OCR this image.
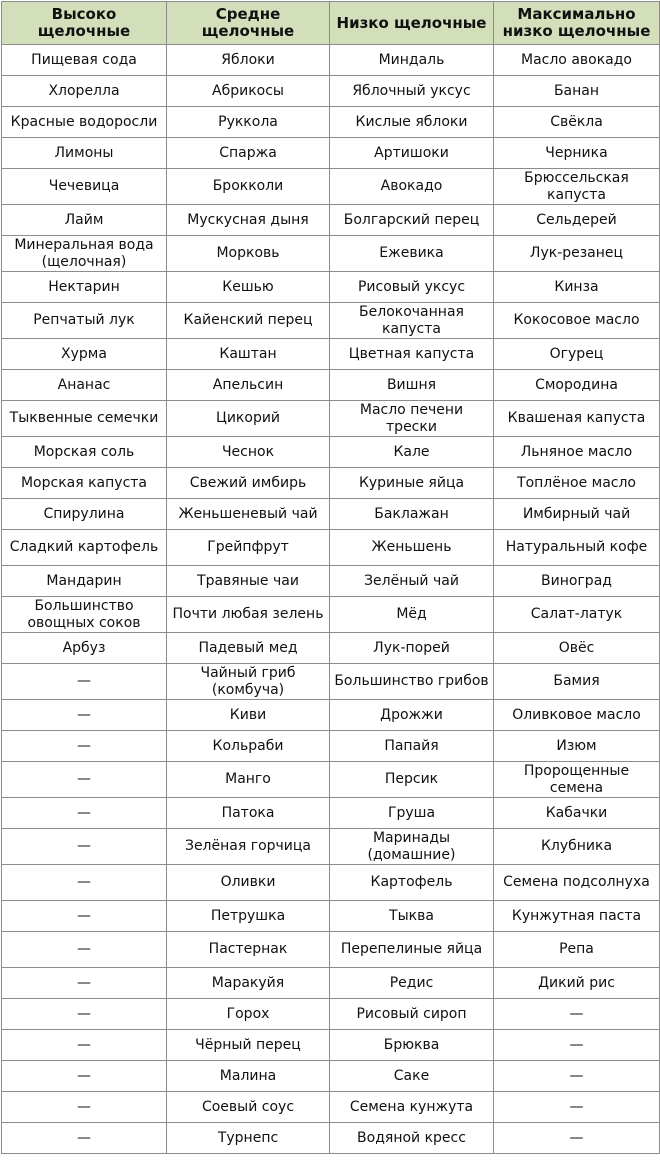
Высоко щелочные	Средне щелочные	Низко щелочные	Максимально низко щелочные
Пищевая сода	Яблоки	Миндаль	Масло авокадо
Хлорелла	Абрикосы	Яблочный уксус	Банан
Красные водоросли	Руккола	Кислые яблоки	Свёкла
Лимоны	Спаржа	Артишоки	Черника
Чечевица	Брокколи	Авокадо	Брюссельская капуста
Лайм	Мускусная дыня	Болгарский перец	Сельдерей
Минеральная вода (щелочная)	Морковь	Ежевика	Лук-резанец
Нектарин	Кешью	Рисовый уксус	Кинза
Репчатый лук	Кайенский перец	Белокочанная капуста	Кокосовое масло
Хурма	Каштан	Цветная капуста	Огурец
Ананас	Апельсин	Вишня	Смородина
Тыквенные семечки	Цикорий	Масло печени трески	Квашеная капуста
Морская соль	Чеснок	Кале	Льняное масло
Морская капуста	Свежий имбирь	Куриные яйца	Топлёное масло
Спирулина	Женьшеневый чай	Баклажан	Имбирный чай
Сладкий картофель	Грейпфрут	Женьшень	Натуральный кофе
Мандарин	Травяные чаи	Зелёный чай	Виноград
Большинство овощных соков	Почти любая зелень	Мёд	Салат-латук
Арбуз	Падевый мед	Лук-порей	Овёс
—	Чайный гриб (комбуча)	Большинство грибов	Бамия
—	Киви	Дрожжи	Оливковое масло
—	Кольраби	Папайя	Изюм
—	Манго	Персик	Пророщенные семена
—	Патока	Груша	Кабачки
—	Зелёная горчица	Маринады (домашние)	Клубника
—	Оливки	Картофель	Семена подсолнуха
—	Петрушка	Тыква	Кунжутная паста
—	Пастернак	Перепелиные яйца	Репа
—	Маракуйя	Редис	Дикий рис
—	Горох	Рисовый сироп	—
—	Чёрный перец	Брюква	—
—	Малина	Саке	—
—	Соевый соус	Семена кунжута	—
—	Турнепс	Водяной кресс	—
